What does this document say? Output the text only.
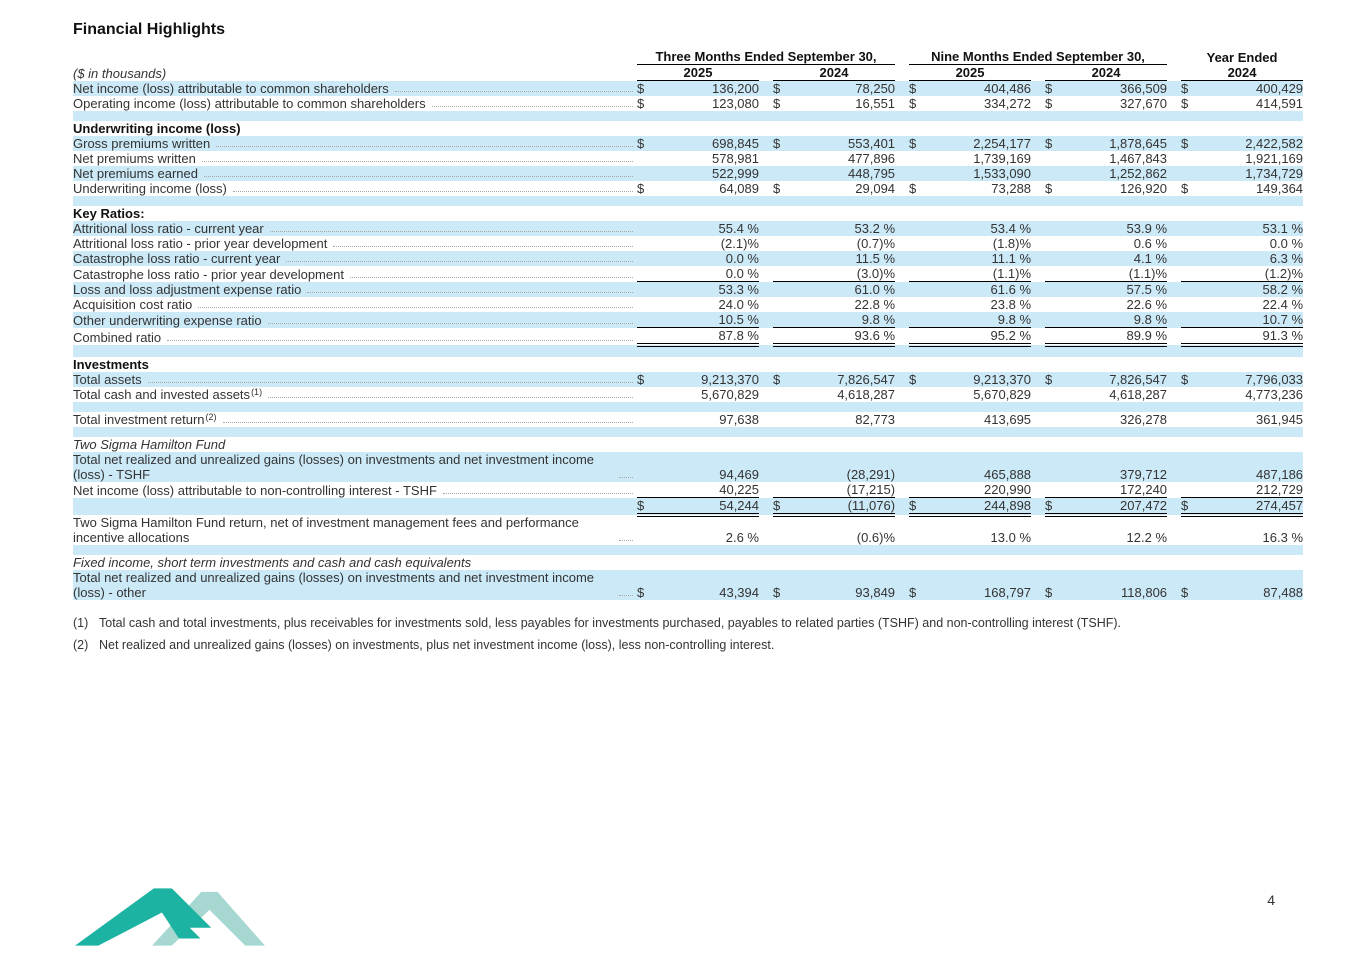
Financial Highlights
	Three Months Ended September 30,						Nine Months Ended September 30,						Year Ended	
($ in thousands)	2025			2024			2025			2024			2024	

Net income (loss) attributable to common shareholders	$	136,200		$	78,250		$	404,486		$	366,509		$	400,429

Operating income (loss) attributable to common shareholders	$	123,080		$	16,551		$	334,272		$	327,670		$	414,591

Underwriting income (loss)														

Gross premiums written	$	698,845		$	553,401		$	2,254,177		$	1,878,645		$	2,422,582

Net premiums written		578,981			477,896			1,739,169			1,467,843			1,921,169

Net premiums earned		522,999			448,795			1,533,090			1,252,862			1,734,729

Underwriting income (loss)	$	64,089		$	29,094		$	73,288		$	126,920		$	149,364

Key Ratios:														

Attritional loss ratio - current year		55.4 %			53.2 %			53.4 %			53.9 %			53.1 %

Attritional loss ratio - prior year development		(2.1)%			(0.7)%			(1.8)%			0.6 %			0.0 %

Catastrophe loss ratio - current year		0.0 %			11.5 %			11.1 %			4.1 %			6.3 %

Catastrophe loss ratio - prior year development		0.0 %			(3.0)%			(1.1)%			(1.1)%			(1.2)%

Loss and loss adjustment expense ratio		53.3 %			61.0 %			61.6 %			57.5 %			58.2 %

Acquisition cost ratio		24.0 %			22.8 %			23.8 %			22.6 %			22.4 %

Other underwriting expense ratio		10.5 %			9.8 %			9.8 %			9.8 %			10.7 %

Combined ratio		87.8 %			93.6 %			95.2 %			89.9 %			91.3 %

Investments														

Total assets	$	9,213,370		$	7,826,547		$	9,213,370		$	7,826,547		$	7,796,033

Total cash and invested assets (1)		5,670,829			4,618,287			5,670,829			4,618,287			4,773,236

Total investment return (2)		97,638			82,773			413,695			326,278			361,945

Two Sigma Hamilton Fund														

Total net realized and unrealized gains (losses) on investments and net investment income (loss) - TSHF		94,469			(28,291)			465,888			379,712			487,186

Net income (loss) attributable to non-controlling interest - TSHF		40,225			(17,215)			220,990			172,240			212,729

	$	54,244		$	(11,076)		$	244,898		$	207,472		$	274,457

Two Sigma Hamilton Fund return, net of investment management fees and performance incentive allocations		2.6 %			(0.6)%			13.0 %			12.2 %			16.3 %

Fixed income, short term investments and cash and cash equivalents														

Total net realized and unrealized gains (losses) on investments and net investment income (loss) - other	$	43,394		$	93,849		$	168,797		$	118,806		$	87,488
(1) Total cash and total investments, plus receivables for investments sold, less payables for investments purchased, payables to related parties (TSHF) and non-controlling interest (TSHF).
(2) Net realized and unrealized gains (losses) on investments, plus net investment income (loss), less non-controlling interest.
4
